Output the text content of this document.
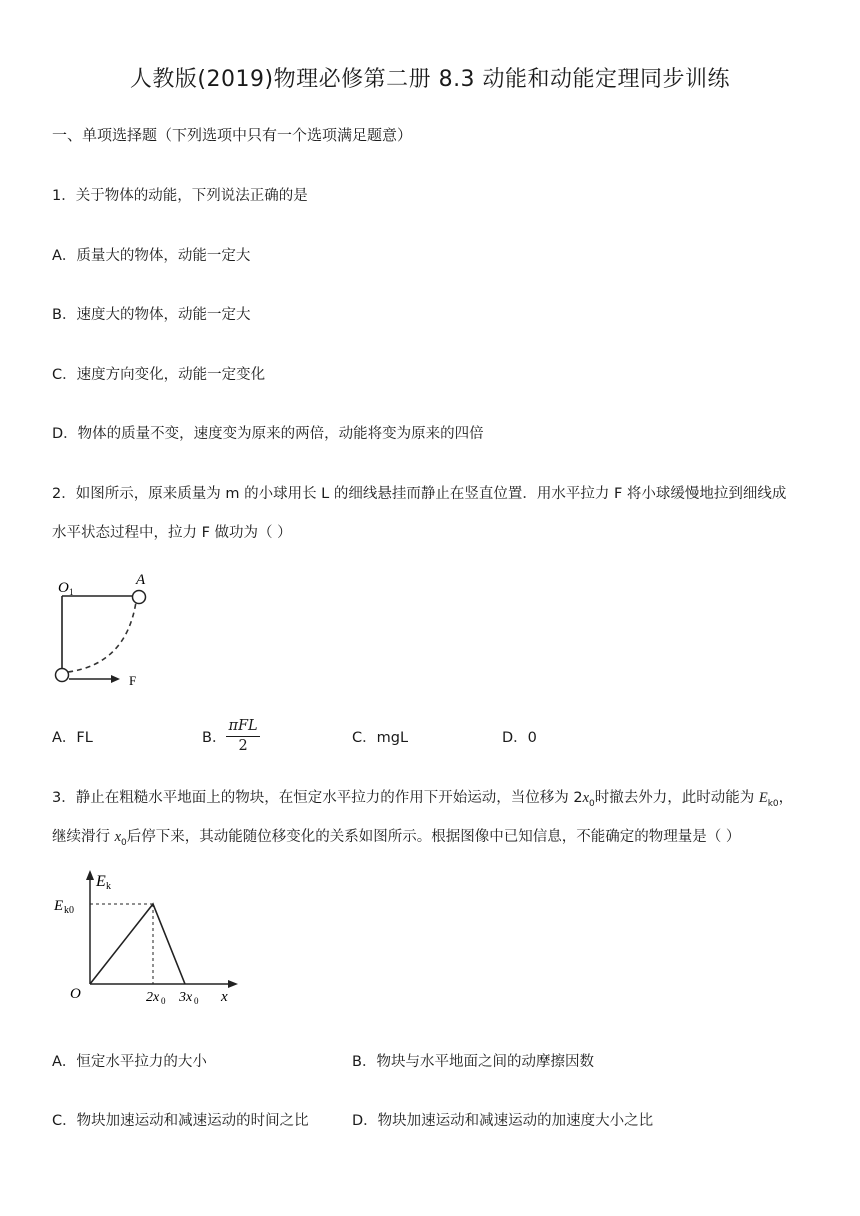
人教版(2019)物理必修第二册 8.3 动能和动能定理同步训练
一、单项选择题（下列选项中只有一个选项满足题意）
1．关于物体的动能，下列说法正确的是
A．质量大的物体，动能一定大
B．速度大的物体，动能一定大
C．速度方向变化，动能一定变化
D．物体的质量不变，速度变为原来的两倍，动能将变为原来的四倍
2．如图所示，原来质量为 m 的小球用长 L 的细线悬挂而静止在竖直位置．用水平拉力 F 将小球缓慢地拉到细线成
水平状态过程中，拉力 F 做功为（ ）
O 1
A
F
A．FL	B． $\frac{\text{πFL}}{2}$	C．mgL	D．0
3．静止在粗糙水平地面上的物块，在恒定水平拉力的作用下开始运动，当位移为 $2x_0$时撤去外力，此时动能为 $E_{k0}$，
继续滑行 $x_0$后停下来，其动能随位移变化的关系如图所示。根据图像中已知信息，不能确定的物理量是（ ）
E k
E k0
O	2x 0 3x 0 x
A．恒定水平拉力的大小	B．物块与水平地面之间的动摩擦因数
C．物块加速运动和减速运动的时间之比	D．物块加速运动和减速运动的加速度大小之比
